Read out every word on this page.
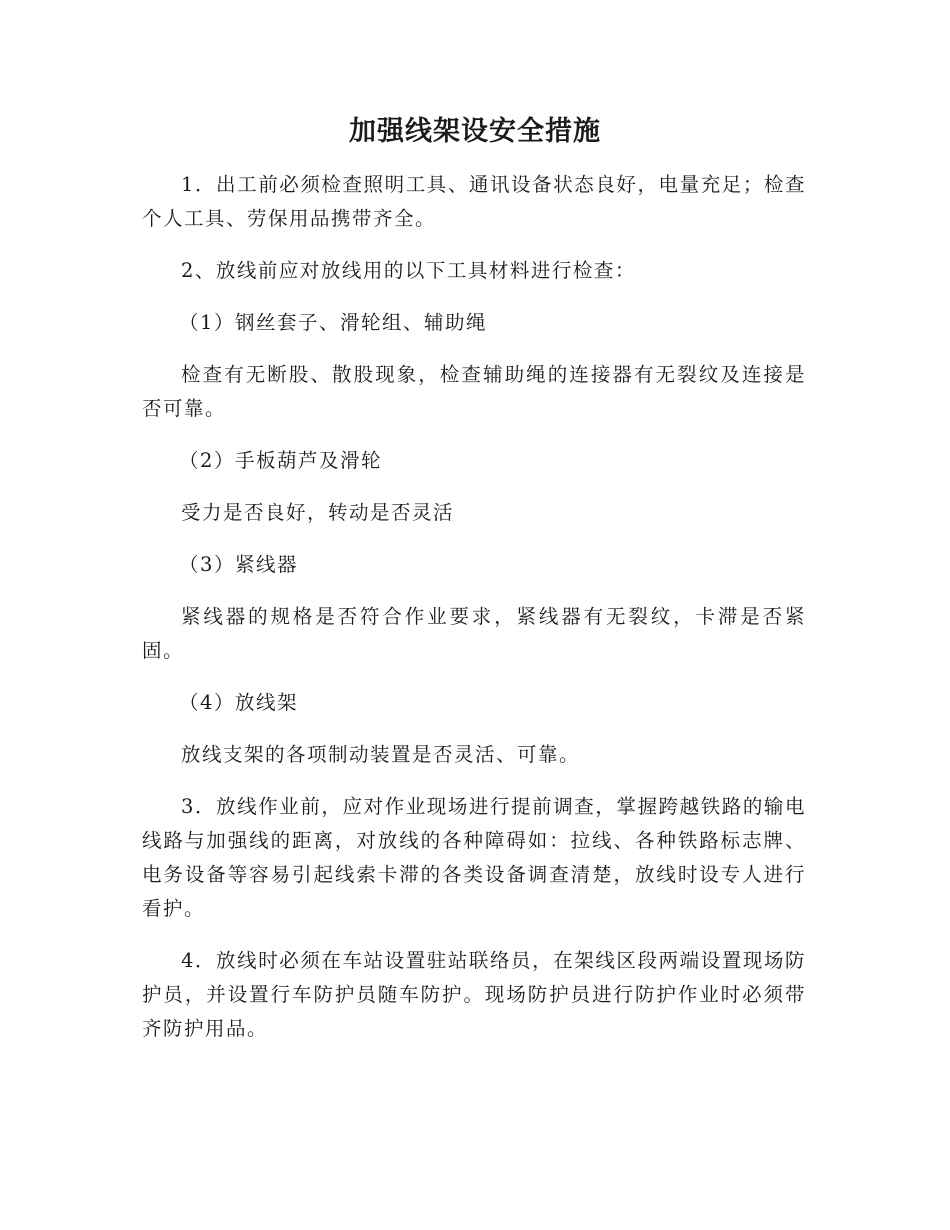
加强线架设安全措施

1．出工前必须检查照明工具、通讯设备状态良好，电量充足；检查个人工具、劳保用品携带齐全。

2、放线前应对放线用的以下工具材料进行检查：

（1）钢丝套子、滑轮组、辅助绳

检查有无断股、散股现象，检查辅助绳的连接器有无裂纹及连接是否可靠。

（2）手板葫芦及滑轮

受力是否良好，转动是否灵活

（3）紧线器

紧线器的规格是否符合作业要求，紧线器有无裂纹，卡滞是否紧固。

（4）放线架

放线支架的各项制动装置是否灵活、可靠。

3．放线作业前，应对作业现场进行提前调查，掌握跨越铁路的输电线路与加强线的距离，对放线的各种障碍如：拉线、各种铁路标志牌、电务设备等容易引起线索卡滞的各类设备调查清楚，放线时设专人进行看护。

4．放线时必须在车站设置驻站联络员，在架线区段两端设置现场防护员，并设置行车防护员随车防护。现场防护员进行防护作业时必须带齐防护用品。
